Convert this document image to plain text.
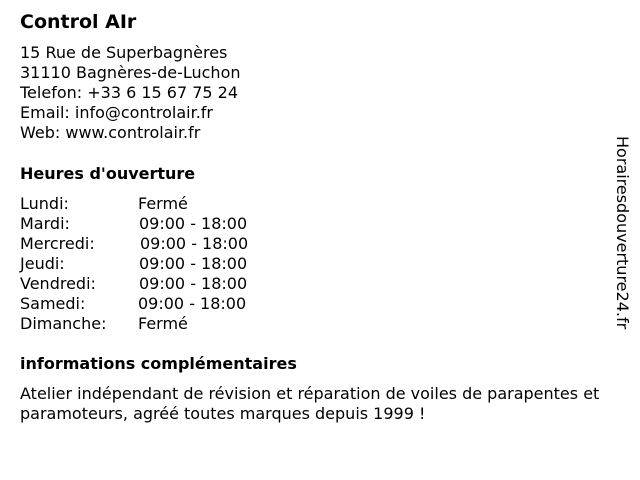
Control AIr
15 Rue de Superbagnères
31110 Bagnères-de-Luchon
Telefon: +33 6 15 67 75 24
Email: info@controlair.fr
Web: www.controlair.fr
Heures d'ouverture
Lundi:	Fermé
Mardi:	09:00 - 18:00
Mercredi:	09:00 - 18:00
Jeudi:	09:00 - 18:00
Vendredi:	09:00 - 18:00
Samedi:	09:00 - 18:00
Dimanche: Fermé
informations complémentaires
Atelier indépendant de révision et réparation de voiles de parapentes et paramoteurs, agréé toutes marques depuis 1999 !
Horairesdouverture24.fr
